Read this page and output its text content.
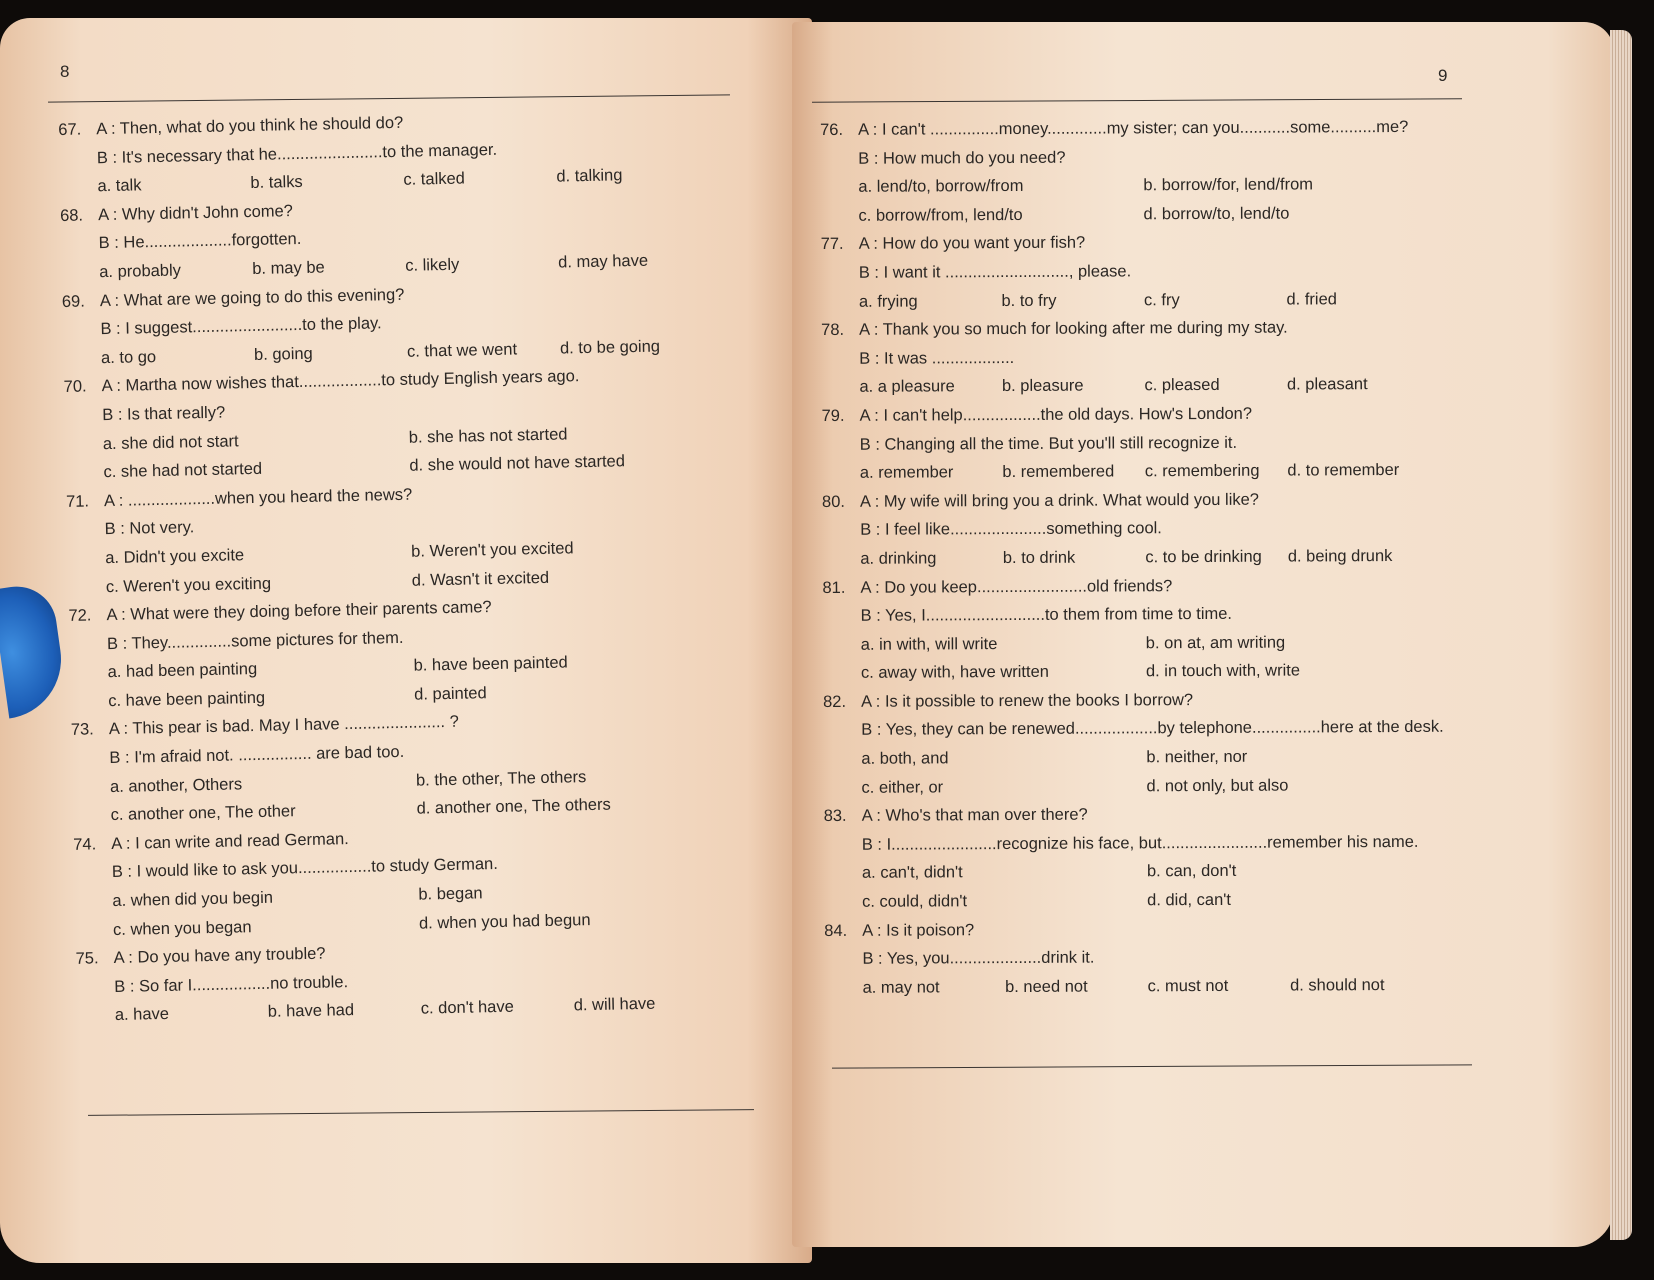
8
67. A : Then, what do you think he should do?
B : It's necessary that he.......................to the manager.
a. talk	b. talks	c. talked	d. talking
68. A : Why didn't John come?
B : He...................forgotten.
a. probably	b. may be	c. likely	d. may have
69. A : What are we going to do this evening?
B : I suggest........................to the play.
a. to go	b. going	c. that we went	d. to be going
70. A : Martha now wishes that..................to study English years ago.
B : Is that really?
a. she did not start	b. she has not started
c. she had not started	d. she would not have started
71. A : ...................when you heard the news?
B : Not very.
a. Didn't you excite	b. Weren't you excited
c. Weren't you exciting	d. Wasn't it excited
72. A : What were they doing before their parents came?
B : They..............some pictures for them.
a. had been painting	b. have been painted
c. have been painting	d. painted
73. A : This pear is bad. May I have ...................... ?
B : I'm afraid not. ................ are bad too.
a. another, Others	b. the other, The others
c. another one, The other	d. another one, The others
74. A : I can write and read German.
B : I would like to ask you................to study German.
a. when did you begin	b. began
c. when you began	d. when you had begun
75. A : Do you have any trouble?
B : So far I.................no trouble.
a. have	b. have had	c. don't have	d. will have
9
76. A : I can't ...............money.............my sister; can you...........some..........me?
B : How much do you need?
a. lend/to, borrow/from	b. borrow/for, lend/from
c. borrow/from, lend/to	d. borrow/to, lend/to
77. A : How do you want your fish?
B : I want it ..........................., please.
a. frying	b. to fry	c. fry	d. fried
78. A : Thank you so much for looking after me during my stay.
B : It was ..................
a. a pleasure	b. pleasure	c. pleased	d. pleasant
79. A : I can't help.................the old days. How's London?
B : Changing all the time. But you'll still recognize it.
a. remember	b. remembered	c. remembering	d. to remember
80. A : My wife will bring you a drink. What would you like?
B : I feel like.....................something cool.
a. drinking	b. to drink	c. to be drinking	d. being drunk
81. A : Do you keep........................old friends?
B : Yes, I..........................to them from time to time.
a. in with, will write	b. on at, am writing
c. away with, have written	d. in touch with, write
82. A : Is it possible to renew the books I borrow?
B : Yes, they can be renewed..................by telephone...............here at the desk.
a. both, and	b. neither, nor
c. either, or	d. not only, but also
83. A : Who's that man over there?
B : I.......................recognize his face, but.......................remember his name.
a. can't, didn't	b. can, don't
c. could, didn't	d. did, can't
84. A : Is it poison?
B : Yes, you....................drink it.
a. may not	b. need not	c. must not	d. should not
